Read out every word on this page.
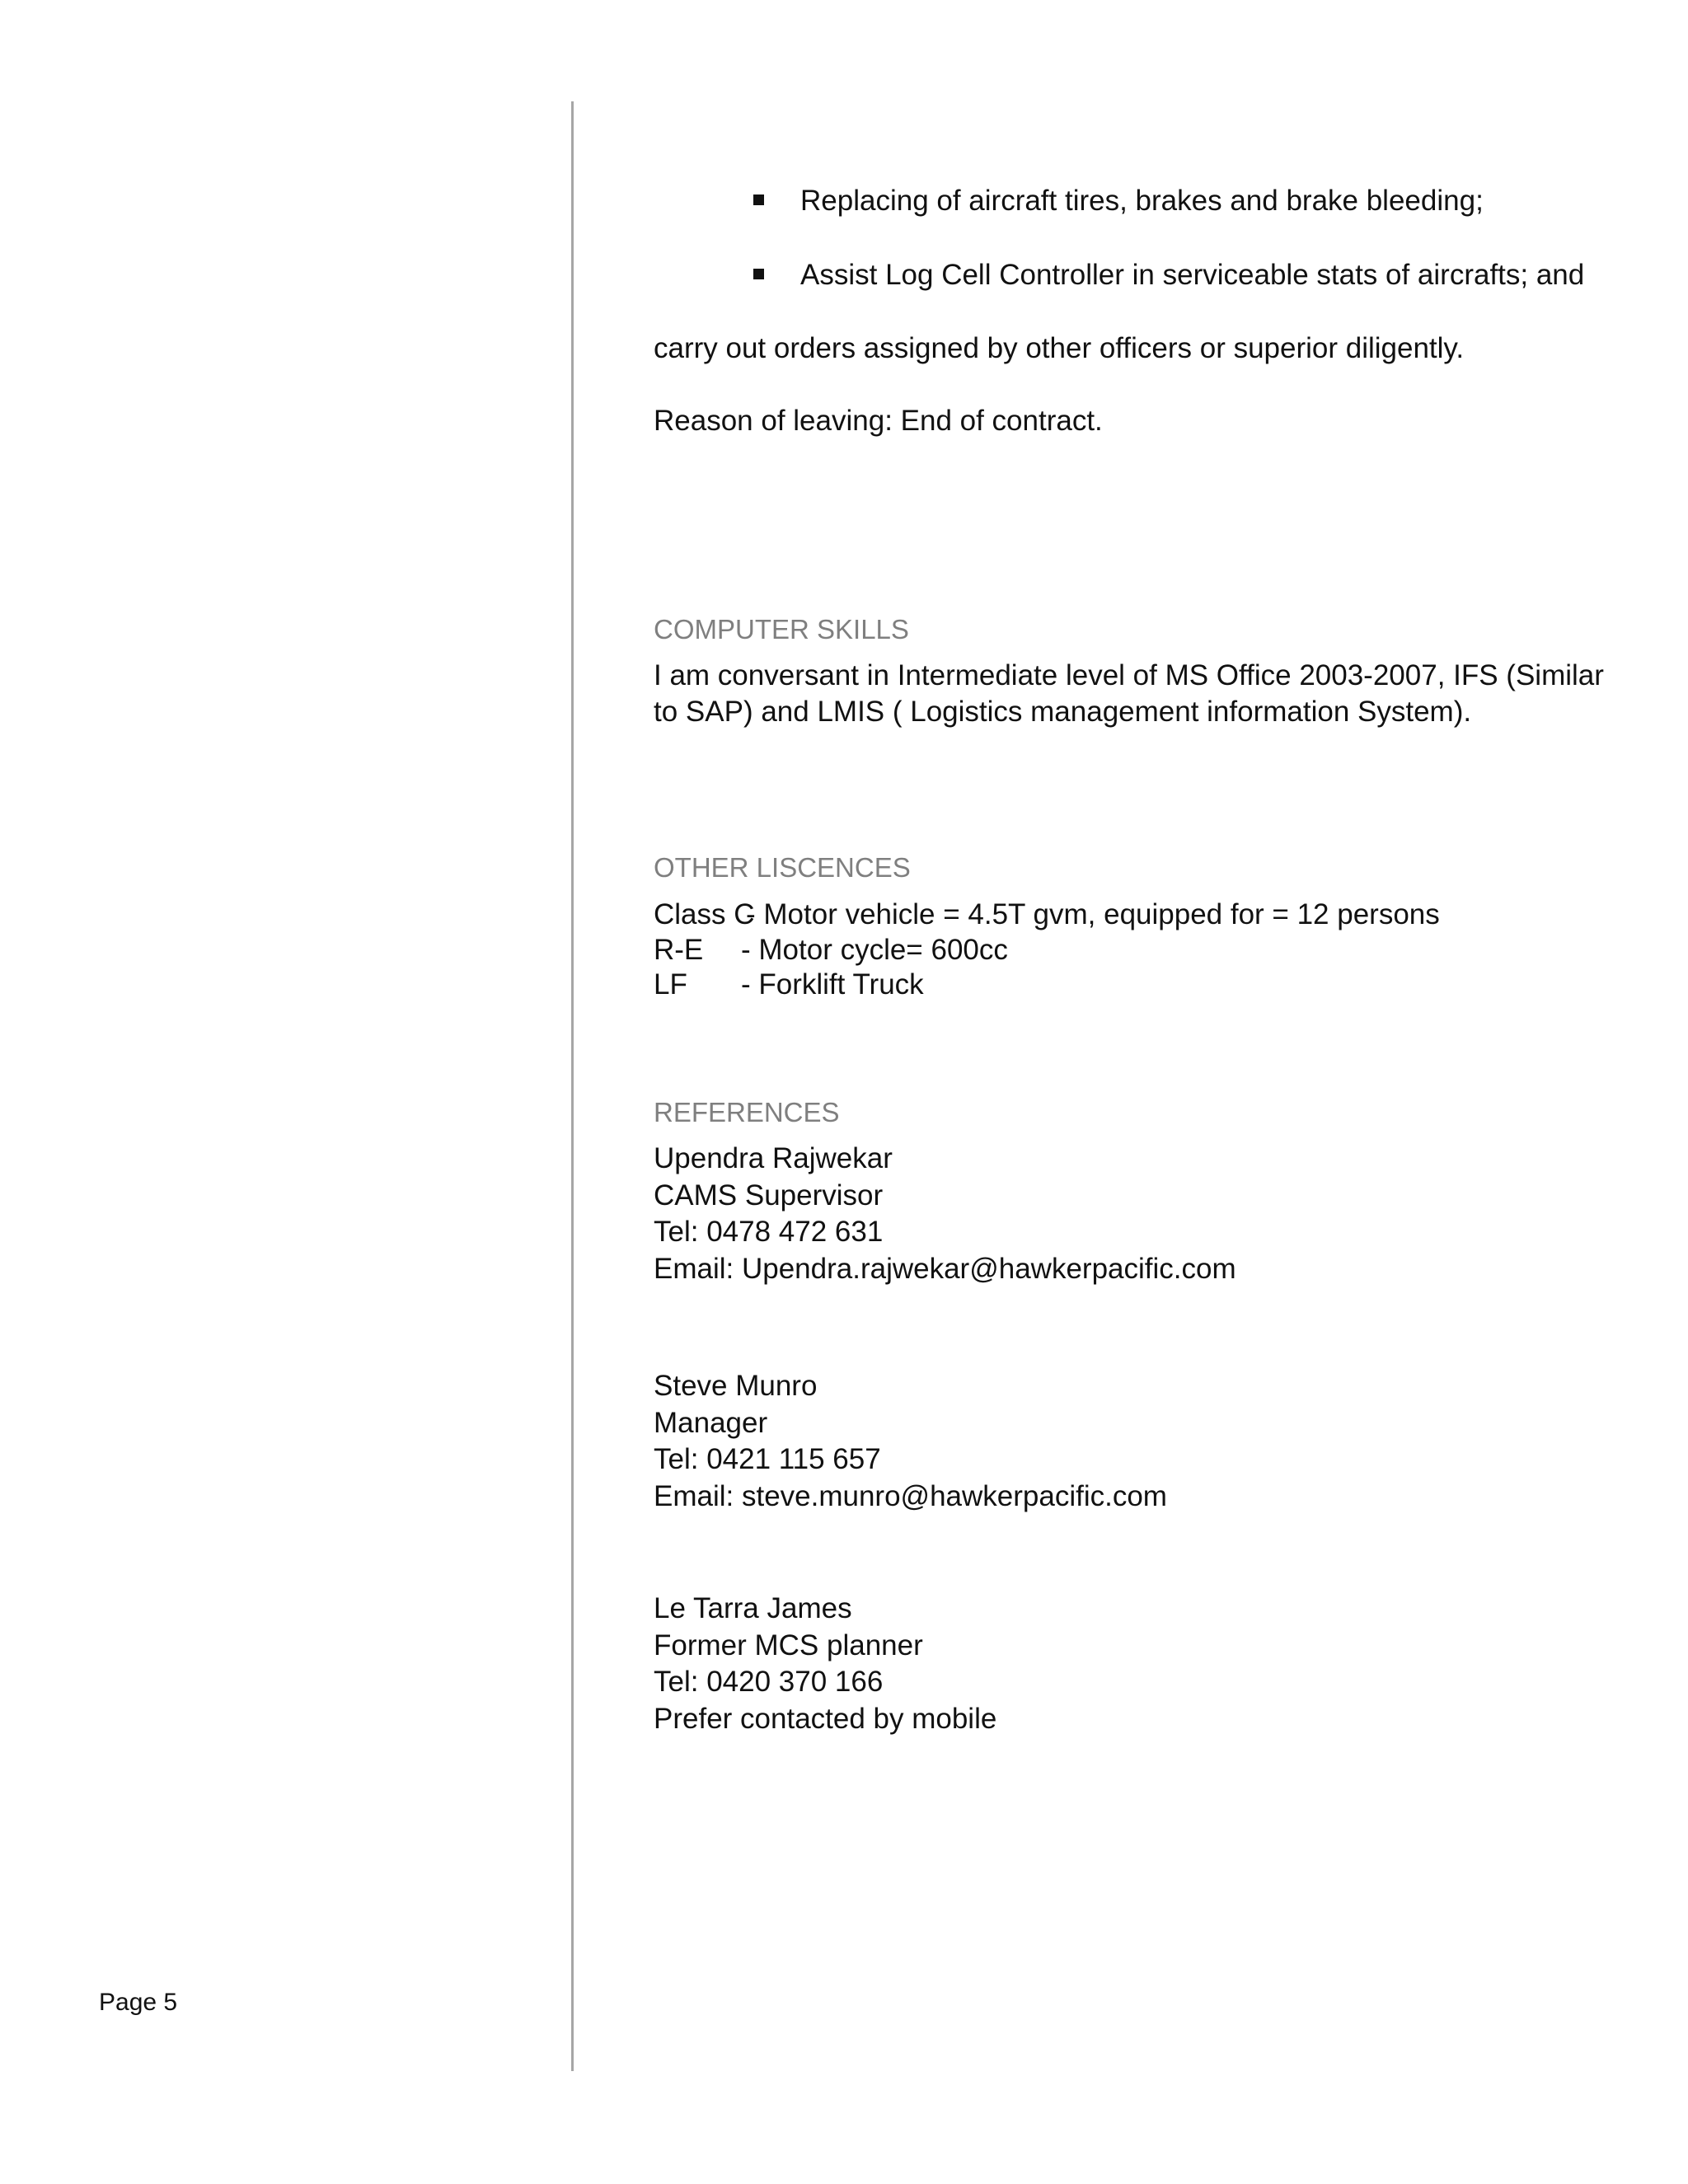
Replacing of aircraft tires, brakes and brake bleeding;
Assist Log Cell Controller in serviceable stats of aircrafts; and
carry out orders assigned by other officers or superior diligently.
Reason of leaving: End of contract.
COMPUTER SKILLS
I am conversant in Intermediate level of MS Office 2003-2007, IFS (Similar
to SAP) and LMIS ( Logistics management information System).
OTHER LISCENCES
Class C
- Motor vehicle = 4.5T gvm, equipped for = 12 persons
R-E - Motor cycle= 600cc
LF - Forklift Truck
REFERENCES
Upendra Rajwekar
CAMS Supervisor
Tel: 0478 472 631
Email: Upendra.rajwekar@hawkerpacific.com
Steve Munro
Manager
Tel: 0421 115 657
Email: steve.munro@hawkerpacific.com
Le Tarra James
Former MCS planner
Tel: 0420 370 166
Prefer contacted by mobile
Page 5
